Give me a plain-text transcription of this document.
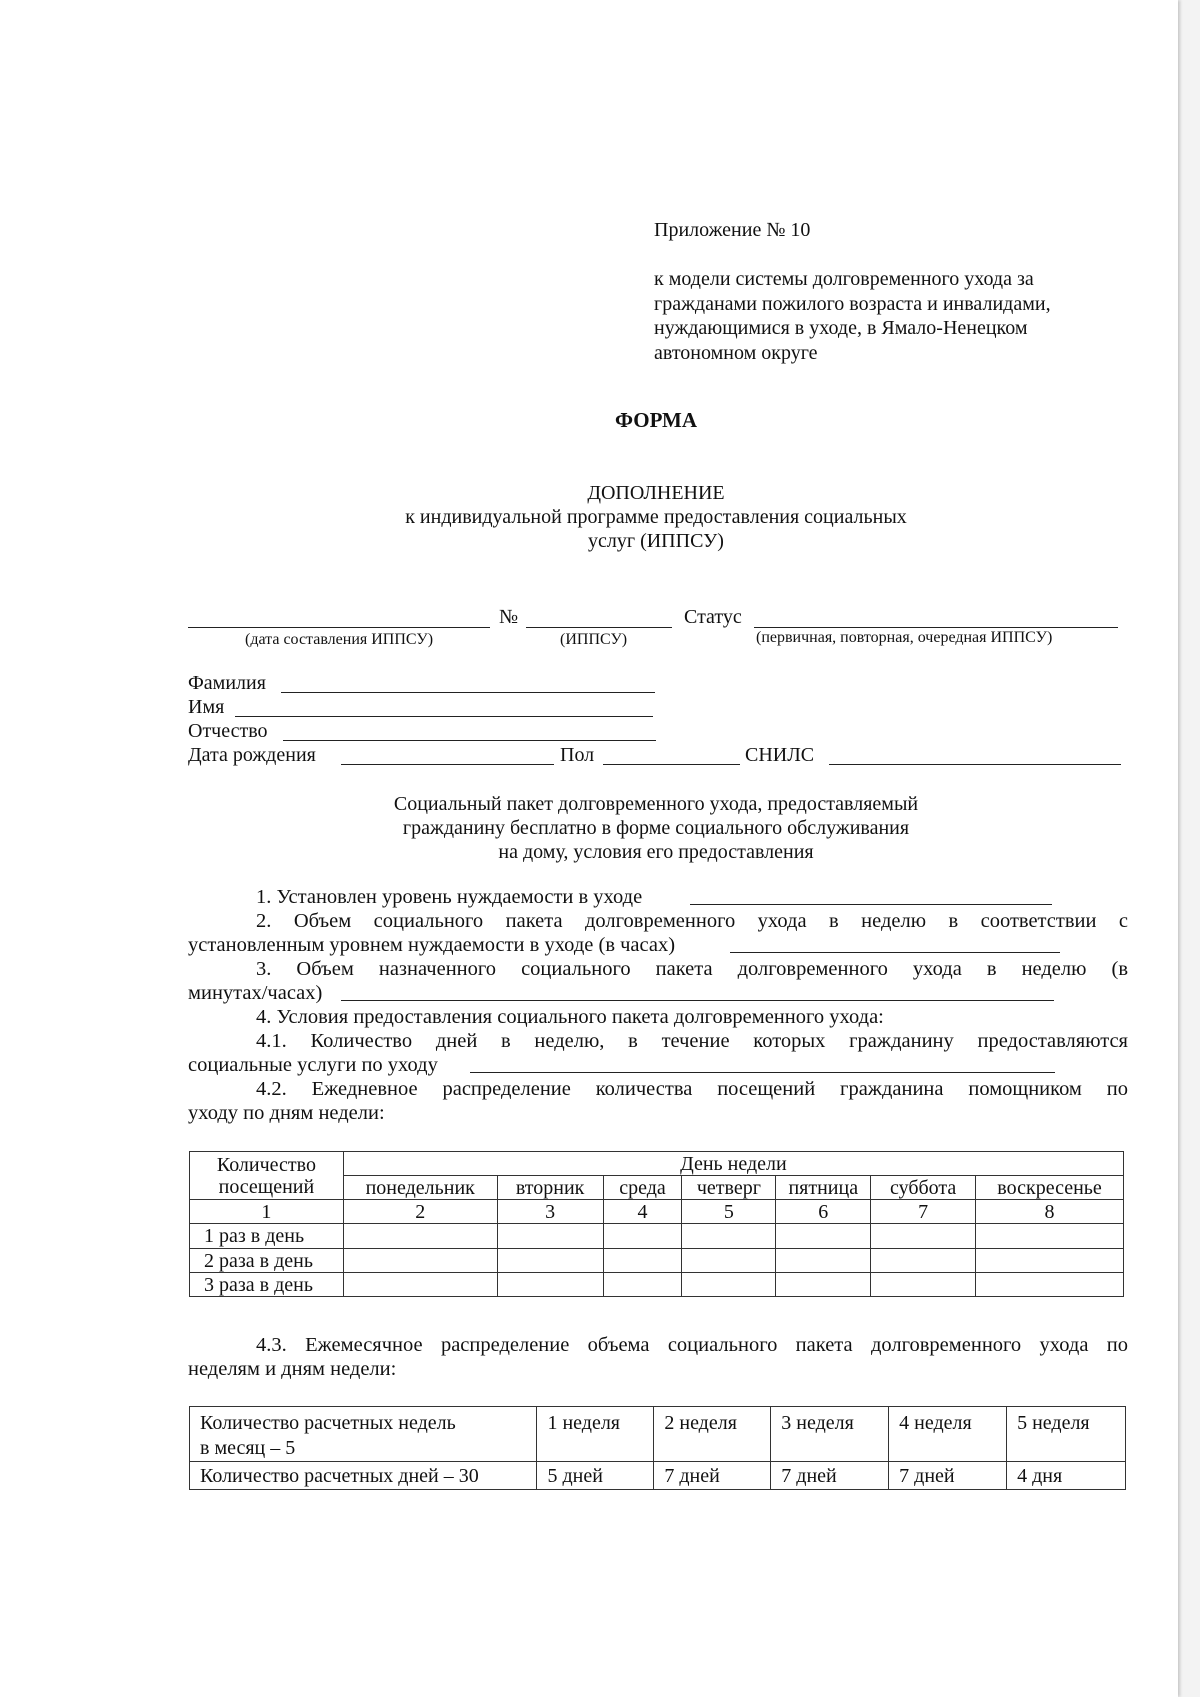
Приложение № 10
к модели системы долговременного ухода за
гражданами пожилого возраста и инвалидами,
нуждающимися в уходе, в Ямало-Ненецком
автономном округе
ФОРМА
ДОПОЛНЕНИЕ
к индивидуальной программе предоставления социальных
услуг (ИППСУ)
№	Статус
(дата составления ИППСУ)	(ИППСУ)	(первичная, повторная, очередная ИППСУ)
Фамилия
Имя
Отчество
Дата рождения	Пол	СНИЛС
Социальный пакет долговременного ухода, предоставляемый
гражданину бесплатно в форме социального обслуживания
на дому, условия его предоставления
1. Установлен уровень нуждаемости в уходе
2. Объем социального пакета долговременного ухода в неделю в соответствии с
установленным уровнем нуждаемости в уходе (в часах)
3. Объем назначенного социального пакета долговременного ухода в неделю (в
минутах/часах)
4. Условия предоставления социального пакета долговременного ухода:
4.1. Количество дней в неделю, в течение которых гражданину предоставляются
социальные услуги по уходу
4.2. Ежедневное распределение количества посещений гражданина помощником по
уходу по дням недели:
Количество
посещений	День недели						
	понедельник	вторник	среда	четверг	пятница	суббота	воскресенье
1	2	3	4	5	6	7	8
1 раз в день							
2 раза в день							
3 раза в день							
4.3. Ежемесячное распределение объема социального пакета долговременного ухода по
неделям и дням недели:
Количество расчетных недель
в месяц – 5	1 неделя	2 неделя	3 неделя	4 неделя	5 неделя
Количество расчетных дней – 30	5 дней	7 дней	7 дней	7 дней	4 дня
